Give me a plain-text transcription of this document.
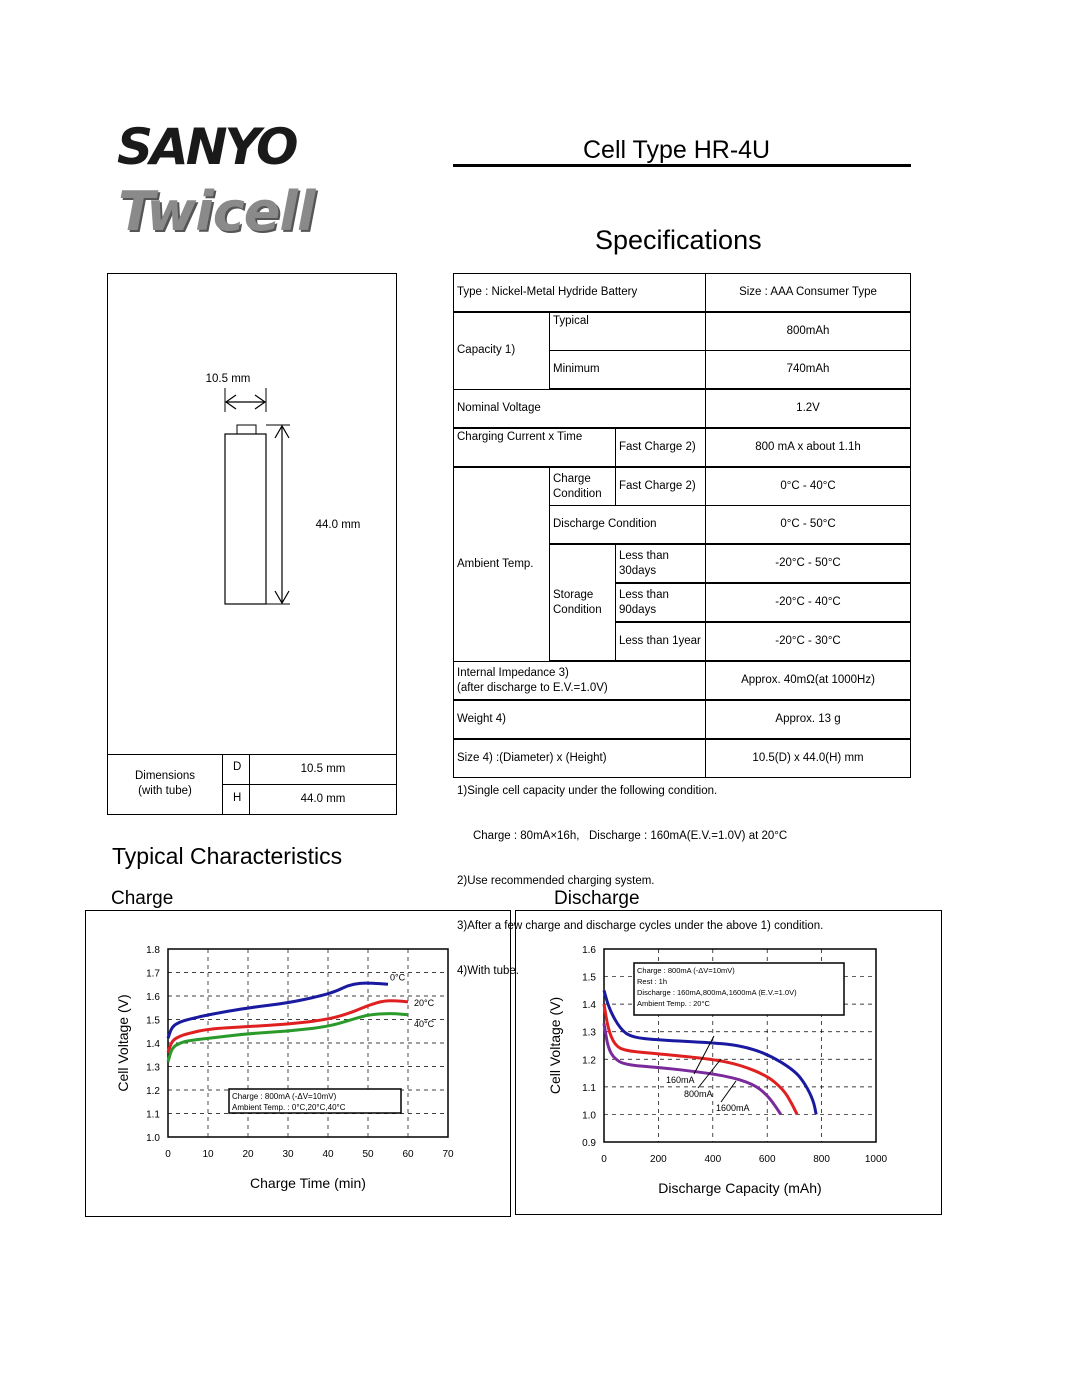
SANYO
Twicell
Cell Type HR-4U
Specifications
10.5 mm
44.0 mm
Dimensions
(with tube)
D	10.5 mm
H	44.0 mm
Type : Nickel-Metal Hydride Battery			Size : AAA Consumer Type
Capacity 1)	Typical		800mAh
	Minimum		740mAh
Nominal Voltage			1.2V
Charging Current x Time		Fast Charge 2)	800 mA x about 1.1h
Ambient Temp.	Charge Condition	Fast Charge 2)	0°C - 40°C
	Discharge Condition		0°C - 50°C
	Storage Condition	Less than 30days	-20°C - 50°C
		Less than 90days	-20°C - 40°C
		Less than 1year	-20°C - 30°C

Internal Impedance 3)
(after discharge to E.V.=1.0V)			Approx. 40mΩ(at 1000Hz)
Weight 4)			Approx. 13 g
Size 4) :(Diameter) x (Height)			10.5(D) x 44.0(H) mm

1)Single cell capacity under the following condition.

Charge : 80mA×16h,   Discharge : 160mA(E.V.=1.0V) at 20°C

2)Use recommended charging system.

3)After a few charge and discharge cycles under the above 1) condition.

4)With tube.

Typical Characteristics
Charge	Discharge
0	10	20	30	40	50	60	70
1.0
1.1
1.2
1.3
1.4
1.5
1.6
1.7
1.8
Charge Time (min)
Cell Voltage (V)
0°C
20°C
40°C
Charge : 800mA (-ΔV=10mV)
Ambient Temp. : 0°C,20°C,40°C
0	200	400	600	800	1000
0.9
1.0
1.1
1.2
1.3
1.4
1.5
1.6
Discharge Capacity (mAh)
Cell Voltage (V)	160mA
800mA
1600mA
Charge : 800mA (-ΔV=10mV)
Rest : 1h
Discharge : 160mA,800mA,1600mA (E.V.=1.0V)
Ambient Temp. : 20°C
